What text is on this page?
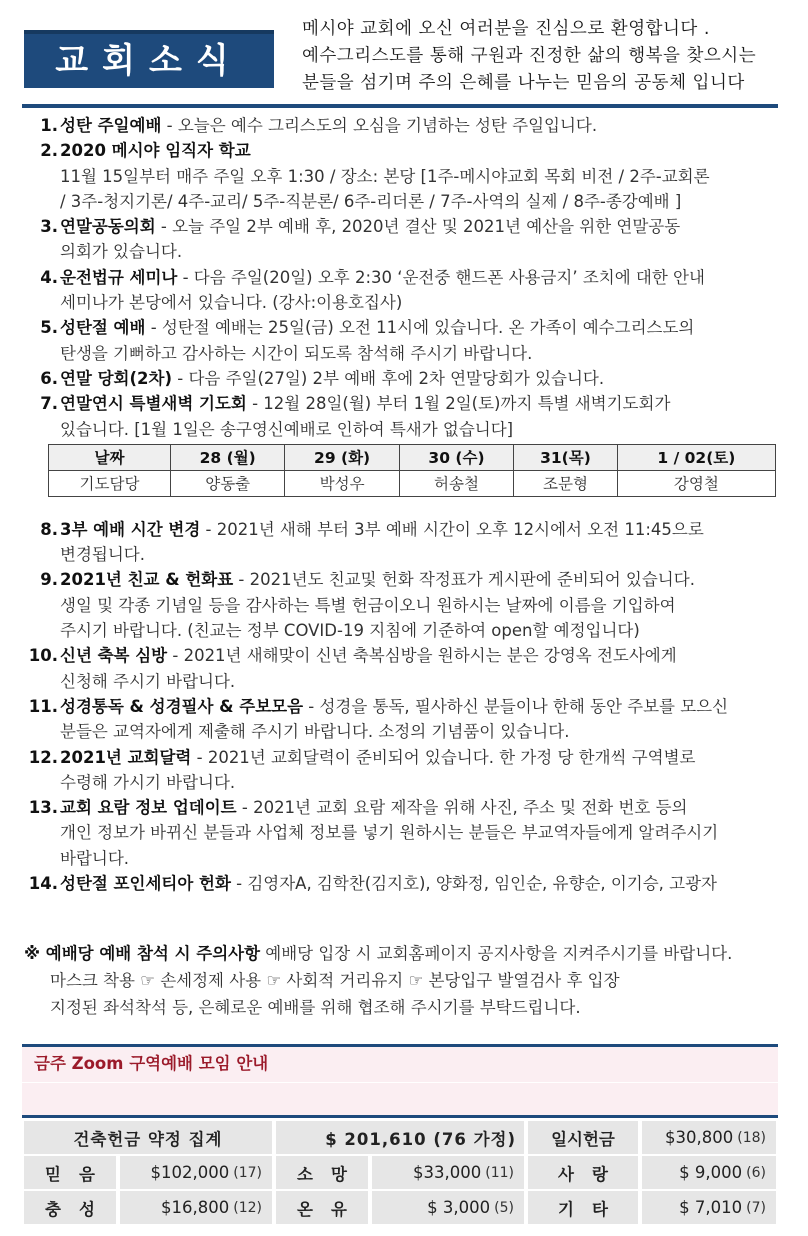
교회소식
메시야 교회에 오신 여러분을 진심으로 환영합니다 .
예수그리스도를 통해 구원과 진정한 삶의 행복을 찾으시는
분들을 섬기며 주의 은혜를 나누는 믿음의 공동체 입니다
1. 성탄 주일예배 - 오늘은 예수 그리스도의 오심을 기념하는 성탄 주일입니다.
2. 2020 메시야 임직자 학교
11월 15일부터 매주 주일 오후 1:30 / 장소: 본당 [1주-메시야교회 목회 비전 / 2주-교회론
/ 3주-청지기론/ 4주-교리/ 5주-직분론/ 6주-리더론 / 7주-사역의 실제 / 8주-종강예배 ]
3. 연말공동의회 - 오늘 주일 2부 예배 후, 2020년 결산 및 2021년 예산을 위한 연말공동
의회가 있습니다.
4. 운전법규 세미나 - 다음 주일(20일) 오후 2:30 ‘운전중 핸드폰 사용금지’ 조치에 대한 안내
세미나가 본당에서 있습니다. (강사:이용호집사)
5. 성탄절 예배 - 성탄절 예배는 25일(금) 오전 11시에 있습니다. 온 가족이 예수그리스도의
탄생을 기뻐하고 감사하는 시간이 되도록 참석해 주시기 바랍니다.
6. 연말 당회(2차) - 다음 주일(27일) 2부 예배 후에 2차 연말당회가 있습니다.
7. 연말연시 특별새벽 기도회 - 12월 28일(월) 부터 1월 2일(토)까지 특별 새벽기도회가
있습니다. [1월 1일은 송구영신예배로 인하여 특새가 없습니다]
날짜	28 (월)	29 (화)	30 (수)	31(목)	1 / 02(토)
기도담당	양동출	박성우	허송철	조문형	강영철
8. 3부 예배 시간 변경 - 2021년 새해 부터 3부 예배 시간이 오후 12시에서 오전 11:45으로
변경됩니다.
9. 2021년 친교 & 헌화표 - 2021년도 친교및 헌화 작정표가 게시판에 준비되어 있습니다.
생일 및 각종 기념일 등을 감사하는 특별 헌금이오니 원하시는 날짜에 이름을 기입하여
주시기 바랍니다. (친교는 정부 COVID-19 지침에 기준하여 open할 예정입니다)
10. 신년 축복 심방 - 2021년 새해맞이 신년 축복심방을 원하시는 분은 강영옥 전도사에게
신청해 주시기 바랍니다.
11. 성경통독 & 성경필사 & 주보모음 - 성경을 통독, 필사하신 분들이나 한해 동안 주보를 모으신
분들은 교역자에게 제출해 주시기 바랍니다. 소정의 기념품이 있습니다.
12. 2021년 교회달력 - 2021년 교회달력이 준비되어 있습니다. 한 가정 당 한개씩 구역별로
수령해 가시기 바랍니다.
13. 교회 요람 정보 업데이트 - 2021년 교회 요람 제작을 위해 사진, 주소 및 전화 번호 등의
개인 정보가 바뀌신 분들과 사업체 정보를 넣기 원하시는 분들은 부교역자들에게 알려주시기
바랍니다.
14. 성탄절 포인세티아 헌화 - 김영자A, 김학찬(김지호), 양화정, 임인순, 유향순, 이기승, 고광자
※ 예배당 예배 참석 시 주의사항 예배당 입장 시 교회홈페이지 공지사항을 지켜주시기를 바랍니다.
마스크 착용 ☞ 손세정제 사용 ☞ 사회적 거리유지 ☞ 본당입구 발열검사 후 입장
지정된 좌석착석 등, 은혜로운 예배를 위해 협조해 주시기를 부탁드립니다.
금주 Zoom 구역예배 모임 안내
건축헌금 약정 집계	$ 201,610 (76 가정)	일시헌금	$30,800 (18)
믿음 $102,000 (17)	소망	$33,000 (11)	사랑	$ 9,000 (6)
충성	$16,800 (12)	온유	$ 3,000 (5)	기타	$ 7,010 (7)
